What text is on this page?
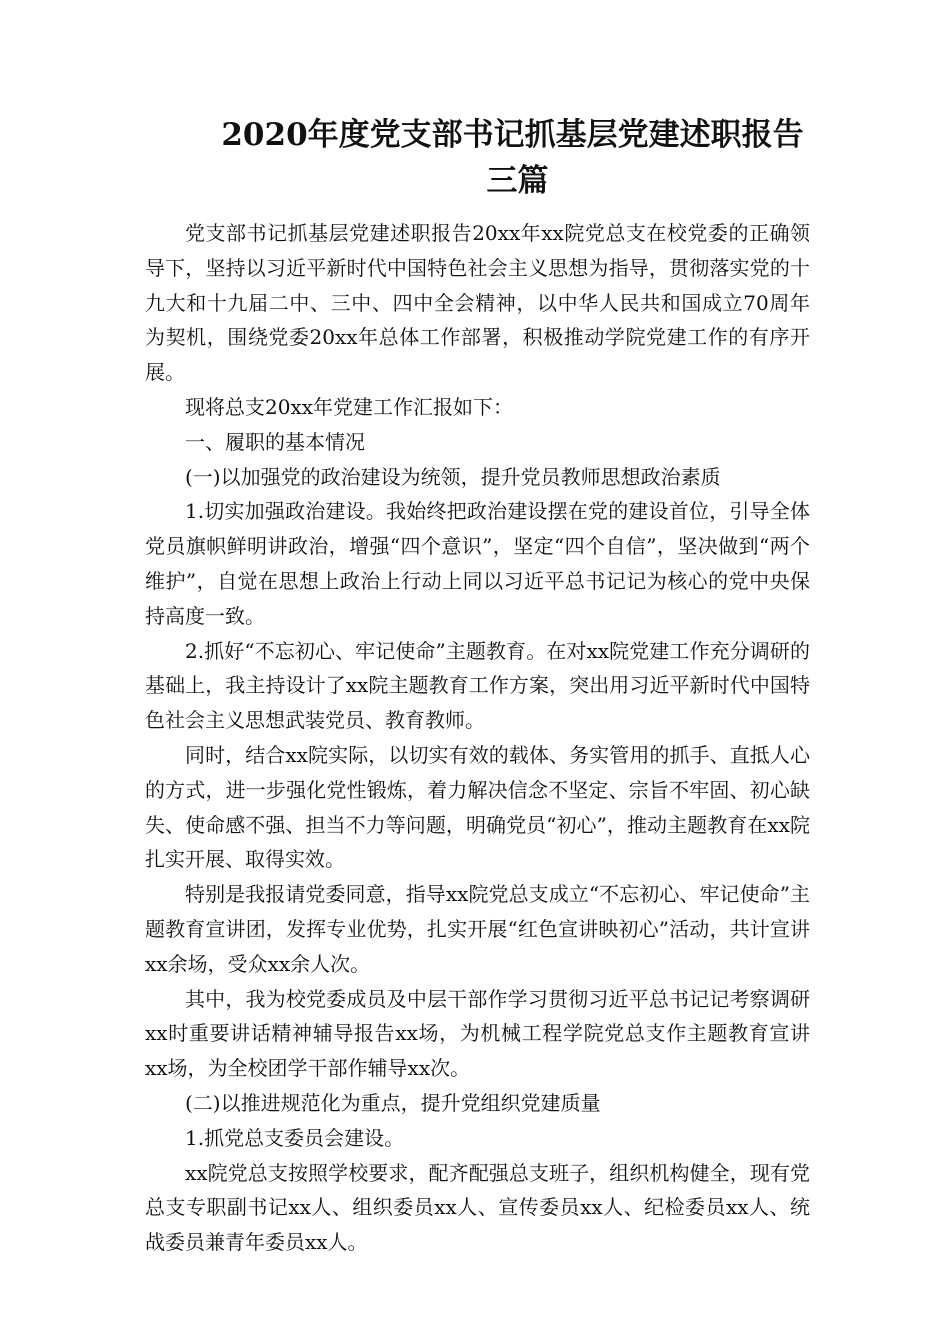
2020年度党支部书记抓基层党建述职报告
三篇

党支部书记抓基层党建述职报告20xx年xx院党总支在校党委的正确领导下，坚持以习近平新时代中国特色社会主义思想为指导，贯彻落实党的十九大和十九届二中、三中、四中全会精神，以中华人民共和国成立70周年为契机，围绕党委20xx年总体工作部署，积极推动学院党建工作的有序开展。

现将总支20xx年党建工作汇报如下：

一、履职的基本情况

(一)以加强党的政治建设为统领，提升党员教师思想政治素质

1.切实加强政治建设。我始终把政治建设摆在党的建设首位，引导全体党员旗帜鲜明讲政治，增强“四个意识”，坚定“四个自信”，坚决做到“两个维护”，自觉在思想上政治上行动上同以习近平总书记记为核心的党中央保持高度一致。

2.抓好“不忘初心、牢记使命”主题教育。在对xx院党建工作充分调研的基础上，我主持设计了xx院主题教育工作方案，突出用习近平新时代中国特色社会主义思想武装党员、教育教师。

同时，结合xx院实际，以切实有效的载体、务实管用的抓手、直抵人心的方式，进一步强化党性锻炼，着力解决信念不坚定、宗旨不牢固、初心缺失、使命感不强、担当不力等问题，明确党员“初心”，推动主题教育在xx院扎实开展、取得实效。

特别是我报请党委同意，指导xx院党总支成立“不忘初心、牢记使命”主题教育宣讲团，发挥专业优势，扎实开展“红色宣讲映初心”活动，共计宣讲xx余场，受众xx余人次。

其中，我为校党委成员及中层干部作学习贯彻习近平总书记记考察调研xx时重要讲话精神辅导报告xx场，为机械工程学院党总支作主题教育宣讲xx场，为全校团学干部作辅导xx次。

(二)以推进规范化为重点，提升党组织党建质量

1.抓党总支委员会建设。

xx院党总支按照学校要求，配齐配强总支班子，组织机构健全，现有党总支专职副书记xx人、组织委员xx人、宣传委员xx人、纪检委员xx人、统战委员兼青年委员xx人。
